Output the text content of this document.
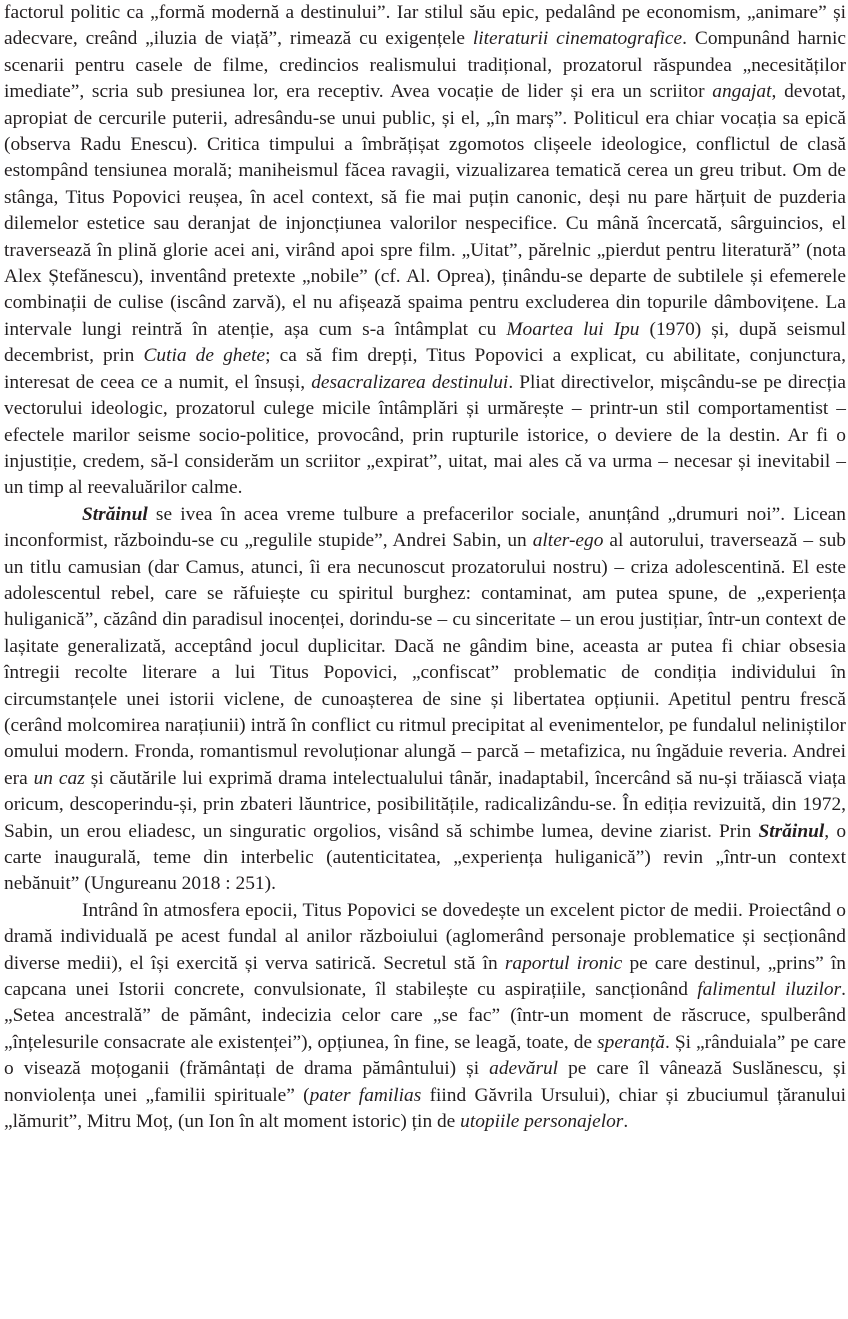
factorul politic ca „formă modernă a destinului”. Iar stilul său epic, pedalând pe economism, „animare” și adecvare, creând „iluzia de viață”, rimează cu exigențele literaturii cinematografice. Compunând harnic scenarii pentru casele de filme, credincios realismului tradițional, prozatorul răspundea „necesităților imediate”, scria sub presiunea lor, era receptiv. Avea vocație de lider și era un scriitor angajat, devotat, apropiat de cercurile puterii, adresându-se unui public, și el, „în marș”. Politicul era chiar vocația sa epică (observa Radu Enescu). Critica timpului a îmbrățișat zgomotos clișeele ideologice, conflictul de clasă estompând tensiunea morală; maniheismul făcea ravagii, vizualizarea tematică cerea un greu tribut. Om de stânga, Titus Popovici reușea, în acel context, să fie mai puțin canonic, deși nu pare hărțuit de puzderia dilemelor estetice sau deranjat de injoncțiunea valorilor nespecifice. Cu mână încercată, sârguincios, el traversează în plină glorie acei ani, virând apoi spre film. „Uitat”, părelnic „pierdut pentru literatură” (nota Alex Ștefănescu), inventând pretexte „nobile” (cf. Al. Oprea), ținându-se departe de subtilele și efemerele combinații de culise (iscând zarvă), el nu afișează spaima pentru excluderea din topurile dâmbovițene. La intervale lungi reintră în atenție, așa cum s-a întâmplat cu Moartea lui Ipu (1970) și, după seismul decembrist, prin Cutia de ghete; ca să fim drepți, Titus Popovici a explicat, cu abilitate, conjunctura, interesat de ceea ce a numit, el însuși, desacralizarea destinului. Pliat directivelor, mișcându-se pe direcția vectorului ideologic, prozatorul culege micile întâmplări și urmărește – printr-un stil comportamentist – efectele marilor seisme socio-politice, provocând, prin rupturile istorice, o deviere de la destin. Ar fi o injustiție, credem, să-l considerăm un scriitor „expirat”, uitat, mai ales că va urma – necesar și inevitabil – un timp al reevaluărilor calme.

Străinul se ivea în acea vreme tulbure a prefacerilor sociale, anunțând „drumuri noi”. Licean inconformist, războindu-se cu „regulile stupide”, Andrei Sabin, un alter-ego al autorului, traversează – sub un titlu camusian (dar Camus, atunci, îi era necunoscut prozatorului nostru) – criza adolescentină. El este adolescentul rebel, care se răfuiește cu spiritul burghez: contaminat, am putea spune, de „experiența huliganică”, căzând din paradisul inocenței, dorindu-se – cu sinceritate – un erou justițiar, într-un context de lașitate generalizată, acceptând jocul duplicitar. Dacă ne gândim bine, aceasta ar putea fi chiar obsesia întregii recolte literare a lui Titus Popovici, „confiscat” problematic de condiția individului în circumstanțele unei istorii viclene, de cunoașterea de sine și libertatea opțiunii. Apetitul pentru frescă (cerând molcomirea narațiunii) intră în conflict cu ritmul precipitat al evenimentelor, pe fundalul neliniștilor omului modern. Fronda, romantismul revoluționar alungă – parcă – metafizica, nu îngăduie reveria. Andrei era un caz și căutările lui exprimă drama intelectualului tânăr, inadaptabil, încercând să nu-și trăiască viața oricum, descoperindu-și, prin zbateri lăuntrice, posibilitățile, radicalizându-se. În ediția revizuită, din 1972, Sabin, un erou eliadesc, un singuratic orgolios, visând să schimbe lumea, devine ziarist. Prin Străinul, o carte inaugurală, teme din interbelic (autenticitatea, „experiența huliganică”) revin „într-un context nebănuit” (Ungureanu 2018 : 251).

Intrând în atmosfera epocii, Titus Popovici se dovedește un excelent pictor de medii. Proiectând o dramă individuală pe acest fundal al anilor războiului (aglomerând personaje problematice și secționând diverse medii), el își exercită și verva satirică. Secretul stă în raportul ironic pe care destinul, „prins” în capcana unei Istorii concrete, convulsionate, îl stabilește cu aspirațiile, sancționând falimentul iluzilor. „Setea ancestrală” de pământ, indecizia celor care „se fac” (într-un moment de răscruce, spulberând „înțelesurile consacrate ale existenței”), opțiunea, în fine, se leagă, toate, de speranță. Și „rânduiala” pe care o visează moțoganii (frământați de drama pământului) și adevărul pe care îl vânează Suslănescu, și nonviolența unei „familii spirituale” (pater familias fiind Găvrila Ursului), chiar și zbuciumul țăranului „lămurit”, Mitru Moț, (un Ion în alt moment istoric) țin de utopiile personajelor.
